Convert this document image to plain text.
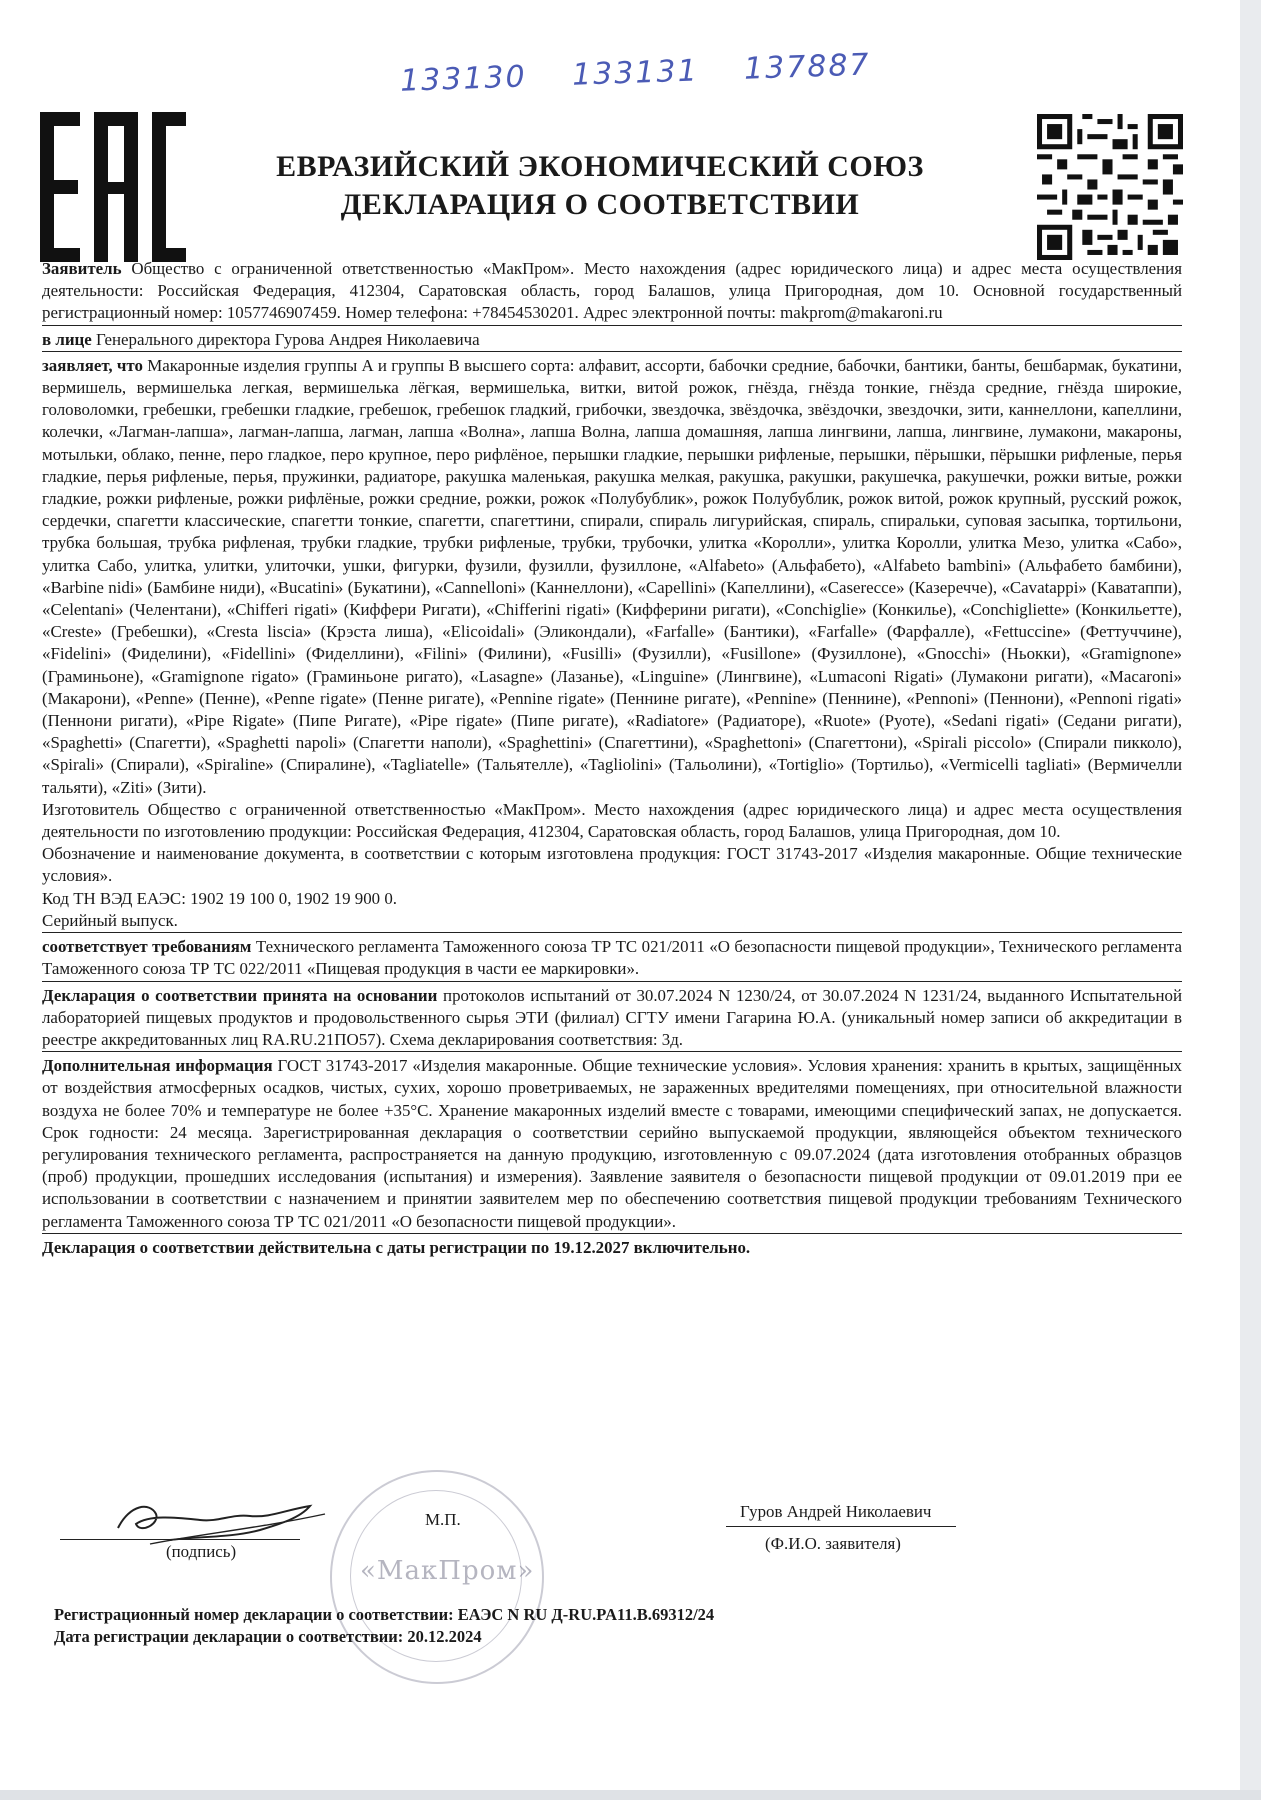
133130 133131 137887
ЕВРАЗИЙСКИЙ ЭКОНОМИЧЕСКИЙ СОЮЗ
ДЕКЛАРАЦИЯ О СООТВЕТСТВИИ

Заявитель Общество с ограниченной ответственностью «МакПром». Место нахождения (адрес юридического лица) и адрес места осуществления деятельности: Российская Федерация, 412304, Саратовская область, город Балашов, улица Пригородная, дом 10. Основной государственный регистрационный номер: 1057746907459. Номер телефона: +78454530201. Адрес электронной почты: makprom@makaroni.ru

в лице Генерального директора Гурова Андрея Николаевича

заявляет, что Макаронные изделия группы А и группы В высшего сорта: алфавит, ассорти, бабочки средние, бабочки, бантики, банты, бешбармак, букатини, вермишель, вермишелька легкая, вермишелька лёгкая, вермишелька, витки, витой рожок, гнёзда, гнёзда тонкие, гнёзда средние, гнёзда широкие, головоломки, гребешки, гребешки гладкие, гребешок, гребешок гладкий, грибочки, звездочка, звёздочка, звёздочки, звездочки, зити, каннеллони, капеллини, колечки, «Лагман-лапша», лагман-лапша, лагман, лапша «Волна», лапша Волна, лапша домашняя, лапша лингвини, лапша, лингвине, лумакони, макароны, мотыльки, облако, пенне, перо гладкое, перо крупное, перо рифлёное, перышки гладкие, перышки рифленые, перышки, пёрышки, пёрышки рифленые, перья гладкие, перья рифленые, перья, пружинки, радиаторе, ракушка маленькая, ракушка мелкая, ракушка, ракушки, ракушечка, ракушечки, рожки витые, рожки гладкие, рожки рифленые, рожки рифлёные, рожки средние, рожки, рожок «Полубублик», рожок Полубублик, рожок витой, рожок крупный, русский рожок, сердечки, спагетти классические, спагетти тонкие, спагетти, спагеттини, спирали, спираль лигурийская, спираль, спиральки, суповая засыпка, тортильони, трубка большая, трубка рифленая, трубки гладкие, трубки рифленые, трубки, трубочки, улитка «Королли», улитка Королли, улитка Мезо, улитка «Сабо», улитка Сабо, улитка, улитки, улиточки, ушки, фигурки, фузили, фузилли, фузиллоне, «Alfabeto» (Альфабето), «Alfabeto bambini» (Альфабето бамбини), «Barbine nidi» (Бамбине ниди), «Bucatini» (Букатини), «Cannelloni» (Каннеллони), «Capellini» (Капеллини), «Caserecce» (Казеречче), «Cavatappi» (Каватаппи), «Celentani» (Челентани), «Chifferi rigati» (Киффери Ригати), «Chifferini rigati» (Кифферини ригати), «Conchiglie» (Конкилье), «Conchigliette» (Конкильетте), «Creste» (Гребешки), «Cresta liscia» (Крэста лиша), «Elicoidali» (Эликондали), «Farfalle» (Бантики), «Farfalle» (Фарфалле), «Fettuccine» (Феттуччине), «Fidelini» (Фиделини), «Fidellini» (Фиделлини), «Filini» (Филини), «Fusilli» (Фузилли), «Fusillone» (Фузиллоне), «Gnocchi» (Ньокки), «Gramignone» (Граминьоне), «Gramignone rigato» (Граминьоне ригато), «Lasagne» (Лазанье), «Linguine» (Лингвине), «Lumaconi Rigati» (Лумакони ригати), «Macaroni» (Макарони), «Penne» (Пенне), «Penne rigate» (Пенне ригате), «Pennine rigate» (Пеннине ригате), «Pennine» (Пеннине), «Pennoni» (Пеннони), «Pennoni rigati» (Пеннони ригати), «Pipe Rigate» (Пипе Ригате), «Pipe rigate» (Пипе ригате), «Radiatore» (Радиаторе), «Ruote» (Руоте), «Sedani rigati» (Седани ригати), «Spaghetti» (Спагетти), «Spaghetti napoli» (Спагетти наполи), «Spaghettini» (Спагеттини), «Spaghettoni» (Спагеттони), «Spirali piccolo» (Спирали пикколо), «Spirali» (Спирали), «Spiraline» (Спиралине), «Tagliatelle» (Тальятелле), «Tagliolini» (Тальолини), «Tortiglio» (Тортильо), «Vermicelli tagliati» (Вермичелли тальяти), «Ziti» (Зити).

Изготовитель Общество с ограниченной ответственностью «МакПром». Место нахождения (адрес юридического лица) и адрес места осуществления деятельности по изготовлению продукции: Российская Федерация, 412304, Саратовская область, город Балашов, улица Пригородная, дом 10.

Обозначение и наименование документа, в соответствии с которым изготовлена продукция: ГОСТ 31743-2017 «Изделия макаронные. Общие технические условия».

Код ТН ВЭД ЕАЭС: 1902 19 100 0, 1902 19 900 0.

Серийный выпуск.

соответствует требованиям Технического регламента Таможенного союза ТР ТС 021/2011 «О безопасности пищевой продукции», Технического регламента Таможенного союза ТР ТС 022/2011 «Пищевая продукция в части ее маркировки».

Декларация о соответствии принята на основании протоколов испытаний от 30.07.2024 N 1230/24, от 30.07.2024 N 1231/24, выданного Испытательной лабораторией пищевых продуктов и продовольственного сырья ЭТИ (филиал) СГТУ имени Гагарина Ю.А. (уникальный номер записи об аккредитации в реестре аккредитованных лиц RA.RU.21ПО57). Схема декларирования соответствия: 3д.

Дополнительная информация ГОСТ 31743-2017 «Изделия макаронные. Общие технические условия». Условия хранения: хранить в крытых, защищённых от воздействия атмосферных осадков, чистых, сухих, хорошо проветриваемых, не зараженных вредителями помещениях, при относительной влажности воздуха не более 70% и температуре не более +35°C. Хранение макаронных изделий вместе с товарами, имеющими специфический запах, не допускается. Срок годности: 24 месяца. Зарегистрированная декларация о соответствии серийно выпускаемой продукции, являющейся объектом технического регулирования технического регламента, распространяется на данную продукцию, изготовленную с 09.07.2024 (дата изготовления отобранных образцов (проб) продукции, прошедших исследования (испытания) и измерения). Заявление заявителя о безопасности пищевой продукции от 09.01.2019 при ее использовании в соответствии с назначением и принятии заявителем мер по обеспечению соответствия пищевой продукции требованиям Технического регламента Таможенного союза ТР ТС 021/2011 «О безопасности пищевой продукции».

Декларация о соответствии действительна с даты регистрации по 19.12.2027 включительно.

«МакПром»
(подпись)
М.П.	Гуров Андрей Николаевич
(Ф.И.О. заявителя)
Регистрационный номер декларации о соответствии: ЕАЭС N RU Д-RU.PA11.B.69312/24
Дата регистрации декларации о соответствии: 20.12.2024
